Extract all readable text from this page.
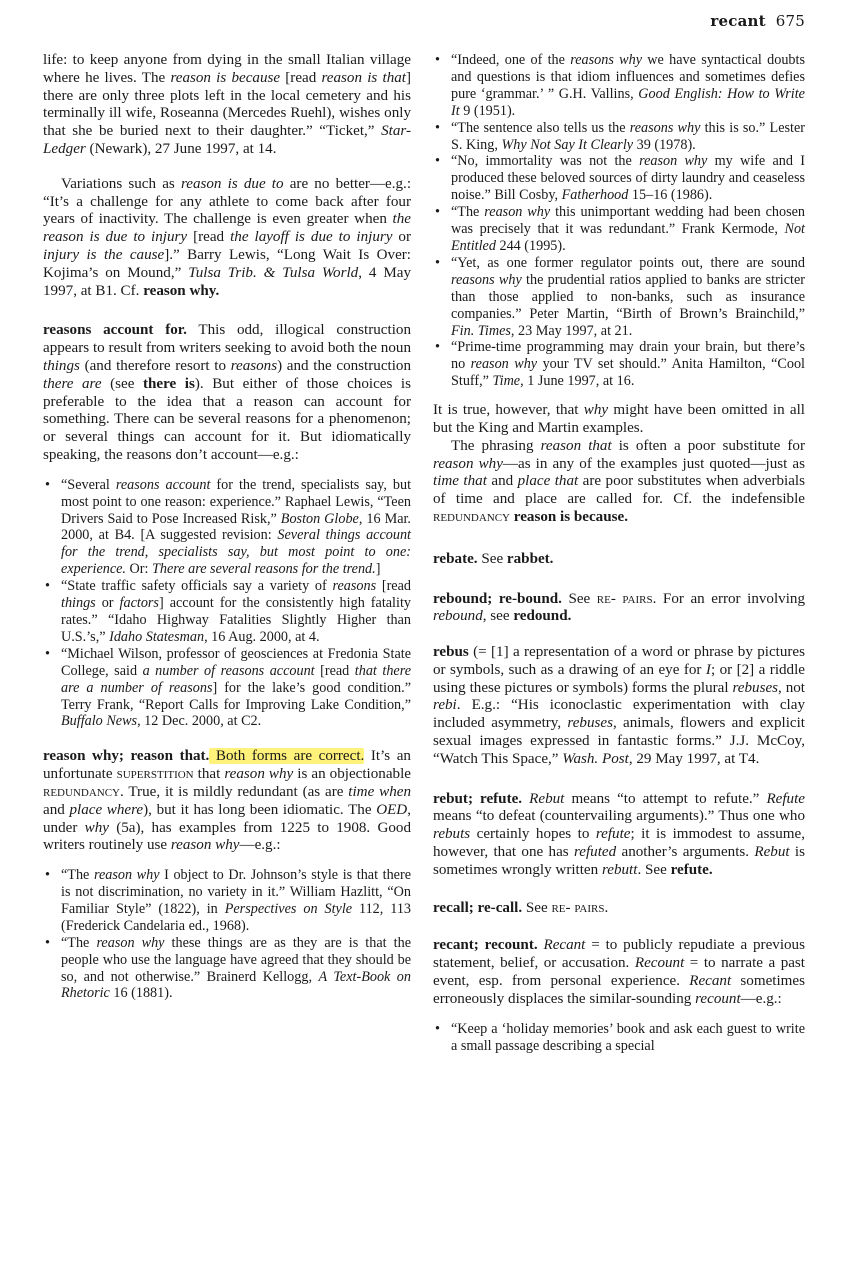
recant 675

life: to keep anyone from dying in the small Italian village where he lives. The reason is because [read reason is that] there are only three plots left in the local cemetery and his terminally ill wife, Roseanna (Mercedes Ruehl), wishes only that she be buried next to their daughter.” “Ticket,” Star-Ledger (Newark), 27 June 1997, at 14.

Variations such as reason is due to are no better—e.g.: “It’s a challenge for any athlete to come back after four years of inactivity. The challenge is even greater when the reason is due to injury [read the layoff is due to injury or injury is the cause].” Barry Lewis, “Long Wait Is Over: Kojima’s on Mound,” Tulsa Trib. & Tulsa World, 4 May 1997, at B1. Cf. reason why.

reasons account for. This odd, illogical construction appears to result from writers seeking to avoid both the noun things (and therefore resort to reasons) and the construction there are (see there is). But either of those choices is preferable to the idea that a reason can account for something. There can be several reasons for a phenomenon; or several things can account for it. But idiomatically speaking, the reasons don’t account—e.g.:

• “Several reasons account for the trend, specialists say, but most point to one reason: experience.” Raphael Lewis, “Teen Drivers Said to Pose Increased Risk,” Boston Globe, 16 Mar. 2000, at B4. [A suggested revision: Several things account for the trend, specialists say, but most point to one: experience. Or: There are several reasons for the trend.]
• “State traffic safety officials say a variety of reasons [read things or factors] account for the consistently high fatality rates.” “Idaho Highway Fatalities Slightly Higher than U.S.’s,” Idaho Statesman, 16 Aug. 2000, at 4.
• “Michael Wilson, professor of geosciences at Fredonia State College, said a number of reasons account [read that there are a number of reasons] for the lake’s good condition.” Terry Frank, “Report Calls for Improving Lake Condition,” Buffalo News, 12 Dec. 2000, at C2.

reason why; reason that. Both forms are correct. It’s an unfortunate superstition that reason why is an objectionable redundancy. True, it is mildly redundant (as are time when and place where), but it has long been idiomatic. The OED, under why (5a), has examples from 1225 to 1908. Good writers routinely use reason why—e.g.:

• “The reason why I object to Dr. Johnson’s style is that there is not discrimination, no variety in it.” William Hazlitt, “On Familiar Style” (1822), in Perspectives on Style 112, 113 (Frederick Candelaria ed., 1968).
• “The reason why these things are as they are is that the people who use the language have agreed that they should be so, and not otherwise.” Brainerd Kellogg, A Text-Book on Rhetoric 16 (1881).
• “Indeed, one of the reasons why we have syntactical doubts and questions is that idiom influences and sometimes defies pure ‘grammar.’ ” G.H. Vallins, Good English: How to Write It 9 (1951).
• “The sentence also tells us the reasons why this is so.” Lester S. King, Why Not Say It Clearly 39 (1978).
• “No, immortality was not the reason why my wife and I produced these beloved sources of dirty laundry and ceaseless noise.” Bill Cosby, Fatherhood 15–16 (1986).
• “The reason why this unimportant wedding had been chosen was precisely that it was redundant.” Frank Kermode, Not Entitled 244 (1995).
• “Yet, as one former regulator points out, there are sound reasons why the prudential ratios applied to banks are stricter than those applied to non-banks, such as insurance companies.” Peter Martin, “Birth of Brown’s Brainchild,” Fin. Times, 23 May 1997, at 21.
• “Prime-time programming may drain your brain, but there’s no reason why your TV set should.” Anita Hamilton, “Cool Stuff,” Time, 1 June 1997, at 16.

It is true, however, that why might have been omitted in all but the King and Martin examples.

The phrasing reason that is often a poor substitute for reason why—as in any of the examples just quoted—just as time that and place that are poor substitutes when adverbials of time and place are called for. Cf. the indefensible redundancy reason is because.

rebate. See rabbet.

rebound; re-bound. See re- pairs. For an error involving rebound, see redound.

rebus (= [1] a representation of a word or phrase by pictures or symbols, such as a drawing of an eye for I; or [2] a riddle using these pictures or symbols) forms the plural rebuses, not rebi. E.g.: “His iconoclastic experimentation with clay included asymmetry, rebuses, animals, flowers and explicit sexual images expressed in fantastic forms.” J.J. McCoy, “Watch This Space,” Wash. Post, 29 May 1997, at T4.

rebut; refute. Rebut means “to attempt to refute.” Refute means “to defeat (countervailing arguments).” Thus one who rebuts certainly hopes to refute; it is immodest to assume, however, that one has refuted another’s arguments. Rebut is sometimes wrongly written rebutt. See refute.

recall; re-call. See re- pairs.

recant; recount. Recant = to publicly repudiate a previous statement, belief, or accusation. Recount = to narrate a past event, esp. from personal experience. Recant sometimes erroneously displaces the similar-sounding recount—e.g.:

• “Keep a ‘holiday memories’ book and ask each guest to write a small passage describing a special
